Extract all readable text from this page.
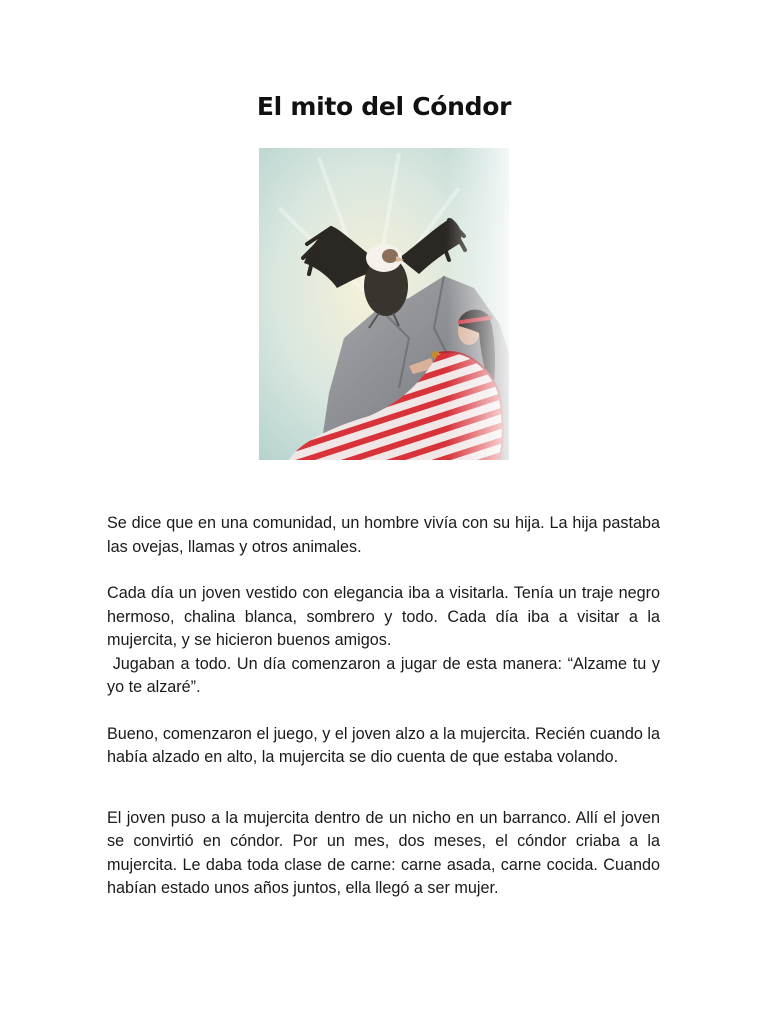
El mito del Cóndor

Se dice que en una comunidad, un hombre vivía con su hija. La hija pastaba las ovejas, llamas y otros animales.

Cada día un joven vestido con elegancia iba a visitarla. Tenía un traje negro hermoso, chalina blanca, sombrero y todo. Cada día iba a visitar a la mujercita, y se hicieron buenos amigos.

Jugaban a todo. Un día comenzaron a jugar de esta manera: “Alzame tu y yo te alzaré”.

Bueno, comenzaron el juego, y el joven alzo a la mujercita. Recién cuando la había alzado en alto, la mujercita se dio cuenta de que estaba volando.

El joven puso a la mujercita dentro de un nicho en un barranco. Allí el joven se convirtió en cóndor. Por un mes, dos meses, el cóndor criaba a la mujercita. Le daba toda clase de carne: carne asada, carne cocida. Cuando habían estado unos años juntos, ella llegó a ser mujer.
